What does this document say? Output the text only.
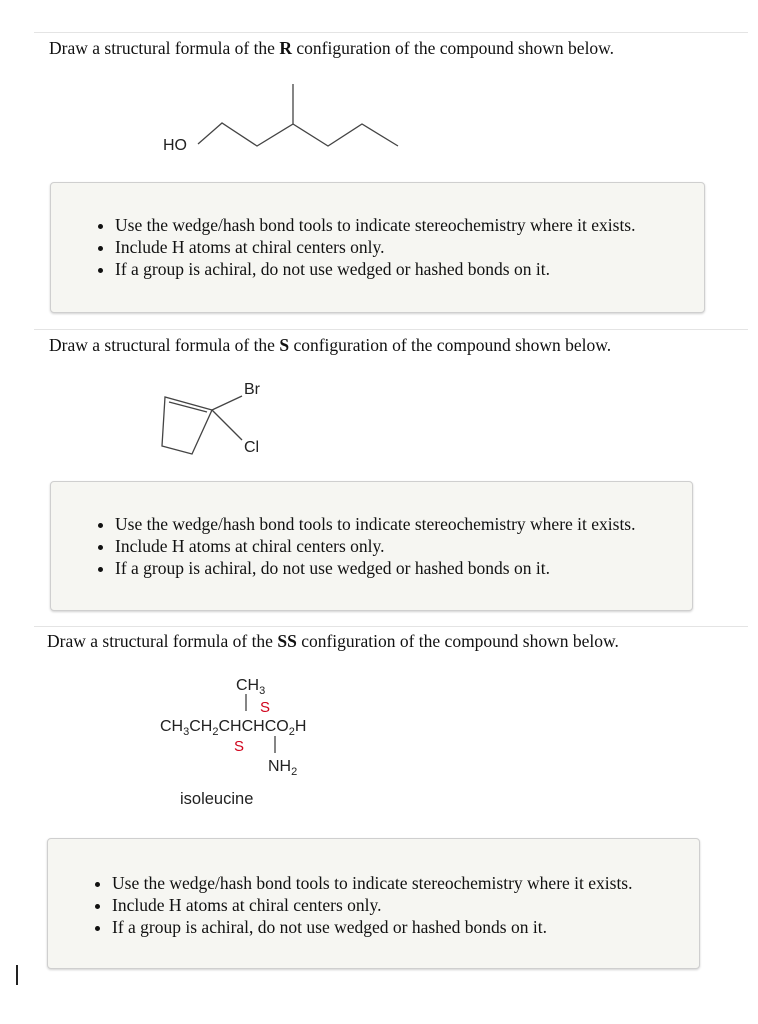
Draw a structural formula of the R configuration of the compound shown below.
HO
• Use the wedge/hash bond tools to indicate stereochemistry where it exists.
• Include H atoms at chiral centers only.
• If a group is achiral, do not use wedged or hashed bonds on it.
Draw a structural formula of the S configuration of the compound shown below.
Br
Cl
• Use the wedge/hash bond tools to indicate stereochemistry where it exists.
• Include H atoms at chiral centers only.
• If a group is achiral, do not use wedged or hashed bonds on it.
Draw a structural formula of the SS configuration of the compound shown below.
$CH_3$
S
$CH_3CH_2CHCHCO_2H$
S
$NH_2$
isoleucine
• Use the wedge/hash bond tools to indicate stereochemistry where it exists.
• Include H atoms at chiral centers only.
• If a group is achiral, do not use wedged or hashed bonds on it.
